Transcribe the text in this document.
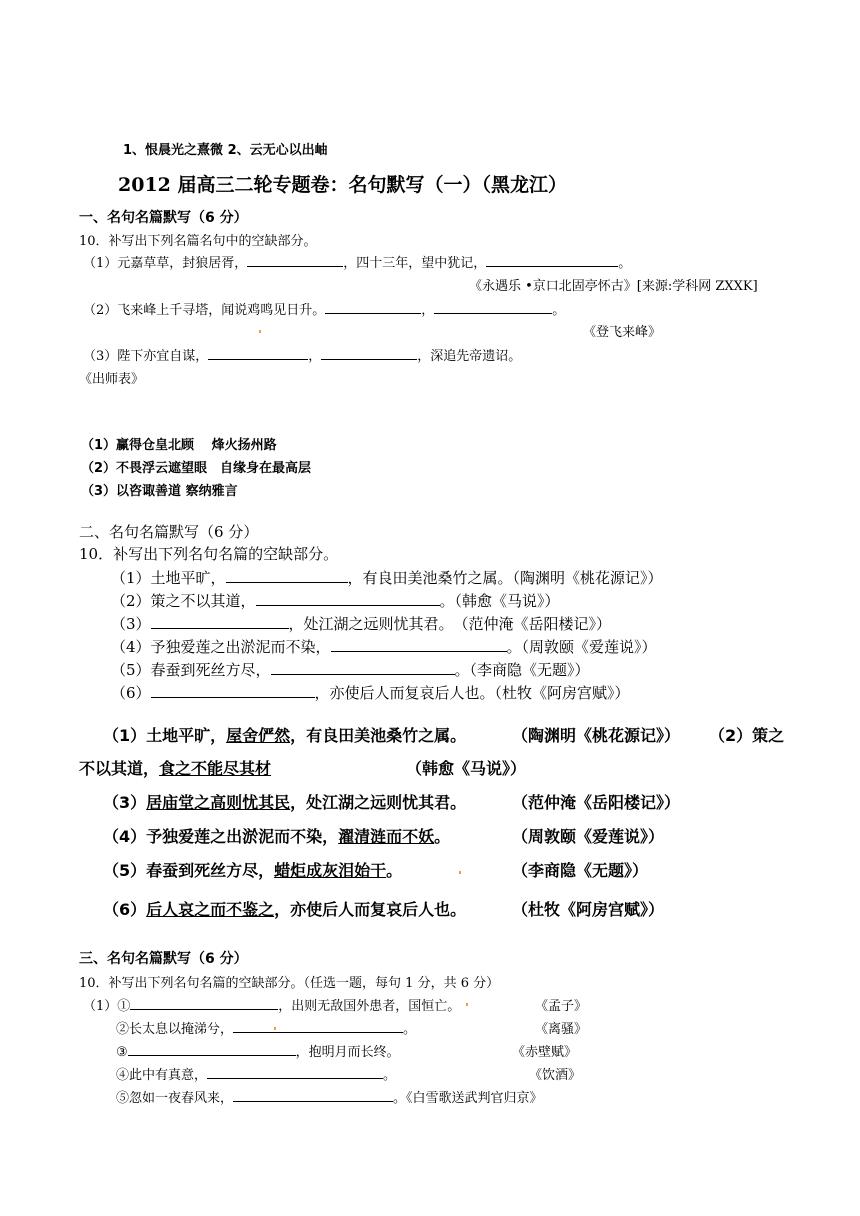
1、恨晨光之熹微 2、云无心以出岫
2012 届高三二轮专题卷：名句默写（一）（黑龙江）
一、名句名篇默写（6 分）
10．补写出下列名篇名句中的空缺部分。
（1）元嘉草草，封狼居胥，	，四十三年，望中犹记，	。
《永遇乐 •京口北固亭怀古》[来源:学科网 ZXXK]
（2）飞来峰上千寻塔，闻说鸡鸣见日升。	，	。
《登飞来峰》
（3）陛下亦宜自谋，	，	，深追先帝遗诏。
《出师表》
（1）赢得仓皇北顾　 烽火扬州路
（2）不畏浮云遮望眼　自缘身在最高层
（3）以咨诹善道 察纳雅言
二、名句名篇默写（6 分）
10．补写出下列名句名篇的空缺部分。
（1）土地平旷，	，有良田美池桑竹之属。（陶渊明《桃花源记》）
（2）策之不以其道，	。（韩愈《马说》）
（3）	，处江湖之远则忧其君。　（范仲淹《岳阳楼记》）
（4）予独爱莲之出淤泥而不染，	。（周敦颐《爱莲说》）
（5）春蚕到死丝方尽，	。（李商隐《无题》）
（6）	，亦使后人而复哀后人也。（杜牧《阿房宫赋》）
（1）土地平旷，屋舍俨然，有良田美池桑竹之属。	（陶渊明《桃花源记》） （2）策之
不以其道，食之不能尽其材	（韩愈《马说》）
（3）居庙堂之高则忧其民，处江湖之远则忧其君。	（范仲淹《岳阳楼记》）
（4）予独爱莲之出淤泥而不染，濯清涟而不妖。	（周敦颐《爱莲说》）
（5）春蚕到死丝方尽，蜡炬成灰泪始干。	（李商隐《无题》）
（6）后人哀之而不鉴之，亦使后人而复哀后人也。	（杜牧《阿房宫赋》）
三、名句名篇默写（6 分）
10．补写出下列名句名篇的空缺部分。（任选一题，每句 1 分，共 6 分）
（1）①	，出则无敌国外患者，国恒亡。	《孟子》
②长太息以掩涕兮，	。	《离骚》
③	，抱明月而长终。	《赤壁赋》
④此中有真意，	。	《饮酒》
⑤忽如一夜春风来，	。《白雪歌送武判官归京》
